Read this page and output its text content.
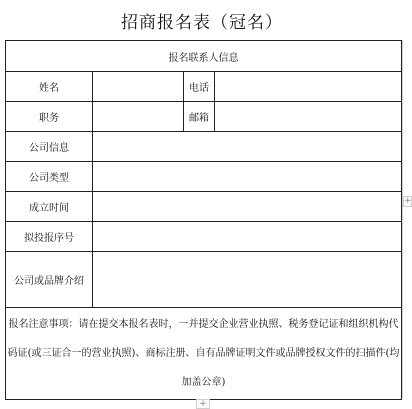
招商报名表（冠名）
报名联系人信息			
姓名		电话	
职务		邮箱	
公司信息			
公司类型			
成立时间			
拟投报序号			
公司或品牌介绍			

报名注意事项：请在提交本报名表时，一并提交企业营业执照、税务登记证和组织机构代码证(或三证合一的营业执照)、商标注册、自有品牌证明文件或品牌授权文件的扫描件(均加盖公章)			
+
+
